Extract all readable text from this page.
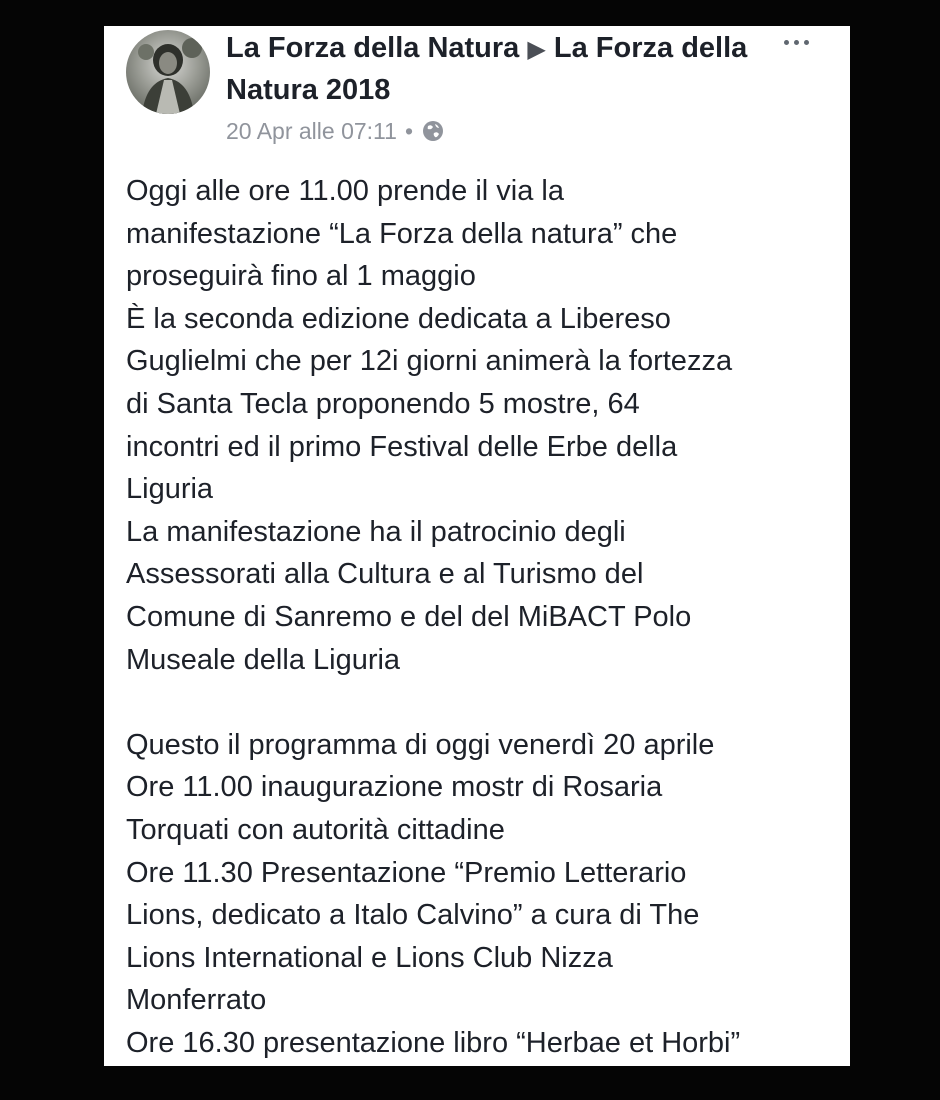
La Forza della Natura ▶ La Forza della Natura 2018
20 Apr alle 07:11 •

Oggi alle ore 11.00 prende il via la

manifestazione “La Forza della natura” che

proseguirà fino al 1 maggio

È la seconda edizione dedicata a Libereso

Guglielmi che per 12i giorni animerà la fortezza

di Santa Tecla proponendo 5 mostre, 64

incontri ed il primo Festival delle Erbe della

Liguria

La manifestazione ha il patrocinio degli

Assessorati alla Cultura e al Turismo del

Comune di Sanremo e del del MiBACT Polo

Museale della Liguria

Questo il programma di oggi venerdì 20 aprile

Ore 11.00 inaugurazione mostr di Rosaria

Torquati con autorità cittadine

Ore 11.30 Presentazione “Premio Letterario

Lions, dedicato a Italo Calvino” a cura di The

Lions International e Lions Club Nizza

Monferrato

Ore 16.30 presentazione libro “Herbae et Horbi”
